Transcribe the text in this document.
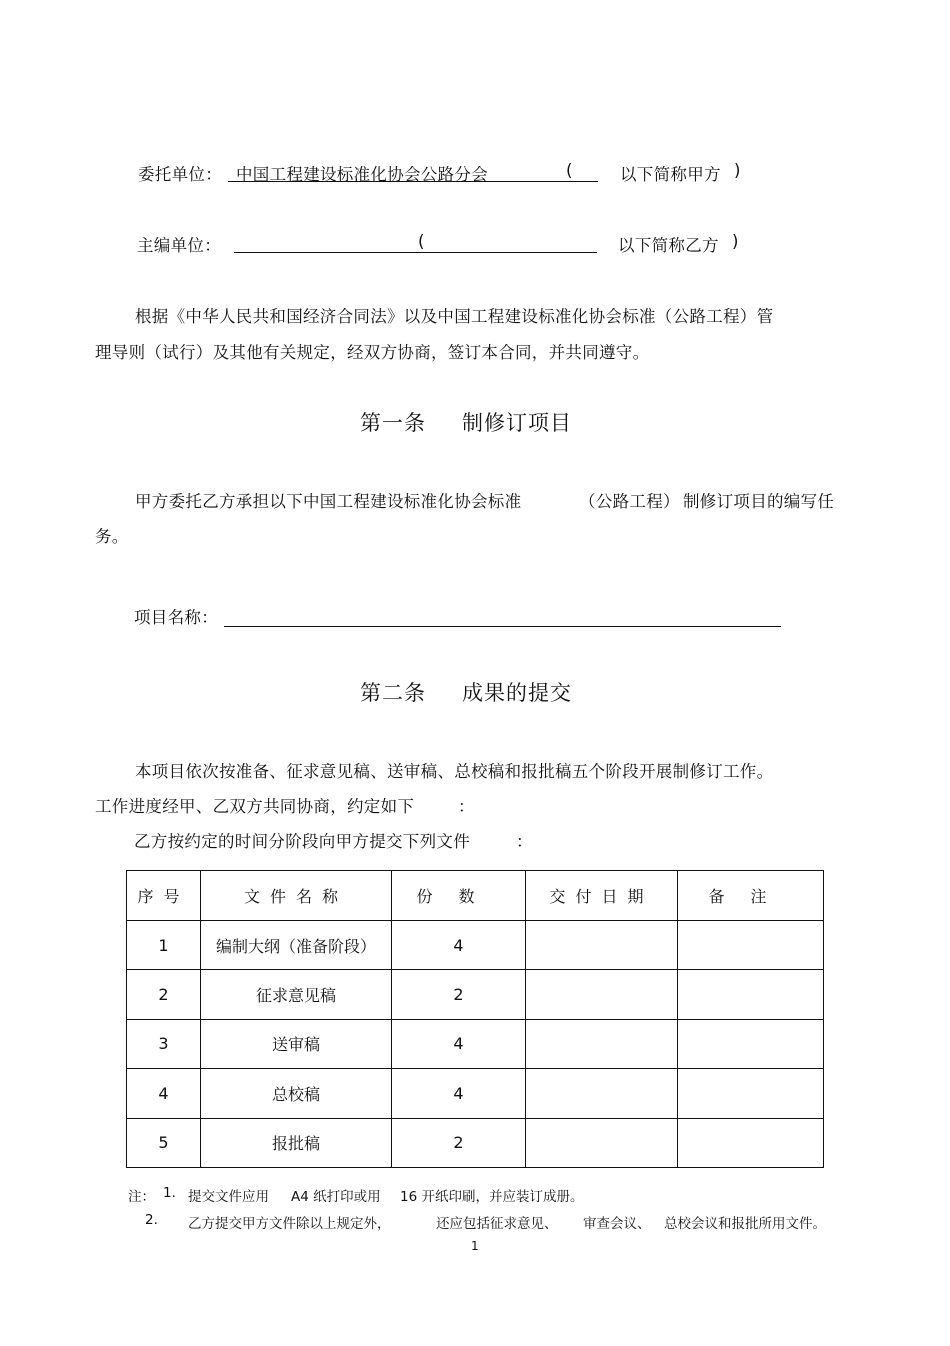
委托单位： 中国工程建设标准化协会公路分会	(	以下简称甲方 )
主编单位：	(	以下简称乙方 )
根据《中华人民共和国经济合同法》以及中国工程建设标准化协会标准（公路工程）管
理导则（试行）及其他有关规定，经双方协商，签订本合同，并共同遵守。
第一条 制修订项目
甲方委托乙方承担以下中国工程建设标准化协会标准	（公路工程） 制修订项目的编写任
务。
项目名称：
第二条 成果的提交
本项目依次按准备、征求意见稿、送审稿、总校稿和报批稿五个阶段开展制修订工作。
工作进度经甲、乙双方共同协商，约定如下	：
乙方按约定的时间分阶段向甲方提交下列文件	：
序号	文件名称	份数	交付日期	备注
1	编制大纲（准备阶段）	4		
2	征求意见稿	2		
3	送审稿	4		
4	总校稿	4		
5	报批稿	2		
注： 1. 提交文件应用 A4 纸打印或用 16 开纸印刷，并应装订成册。
2. 乙方提交甲方文件除以上规定外，	还应包括征求意见、 审查会议、 总校会议和报批所用文件。
1
